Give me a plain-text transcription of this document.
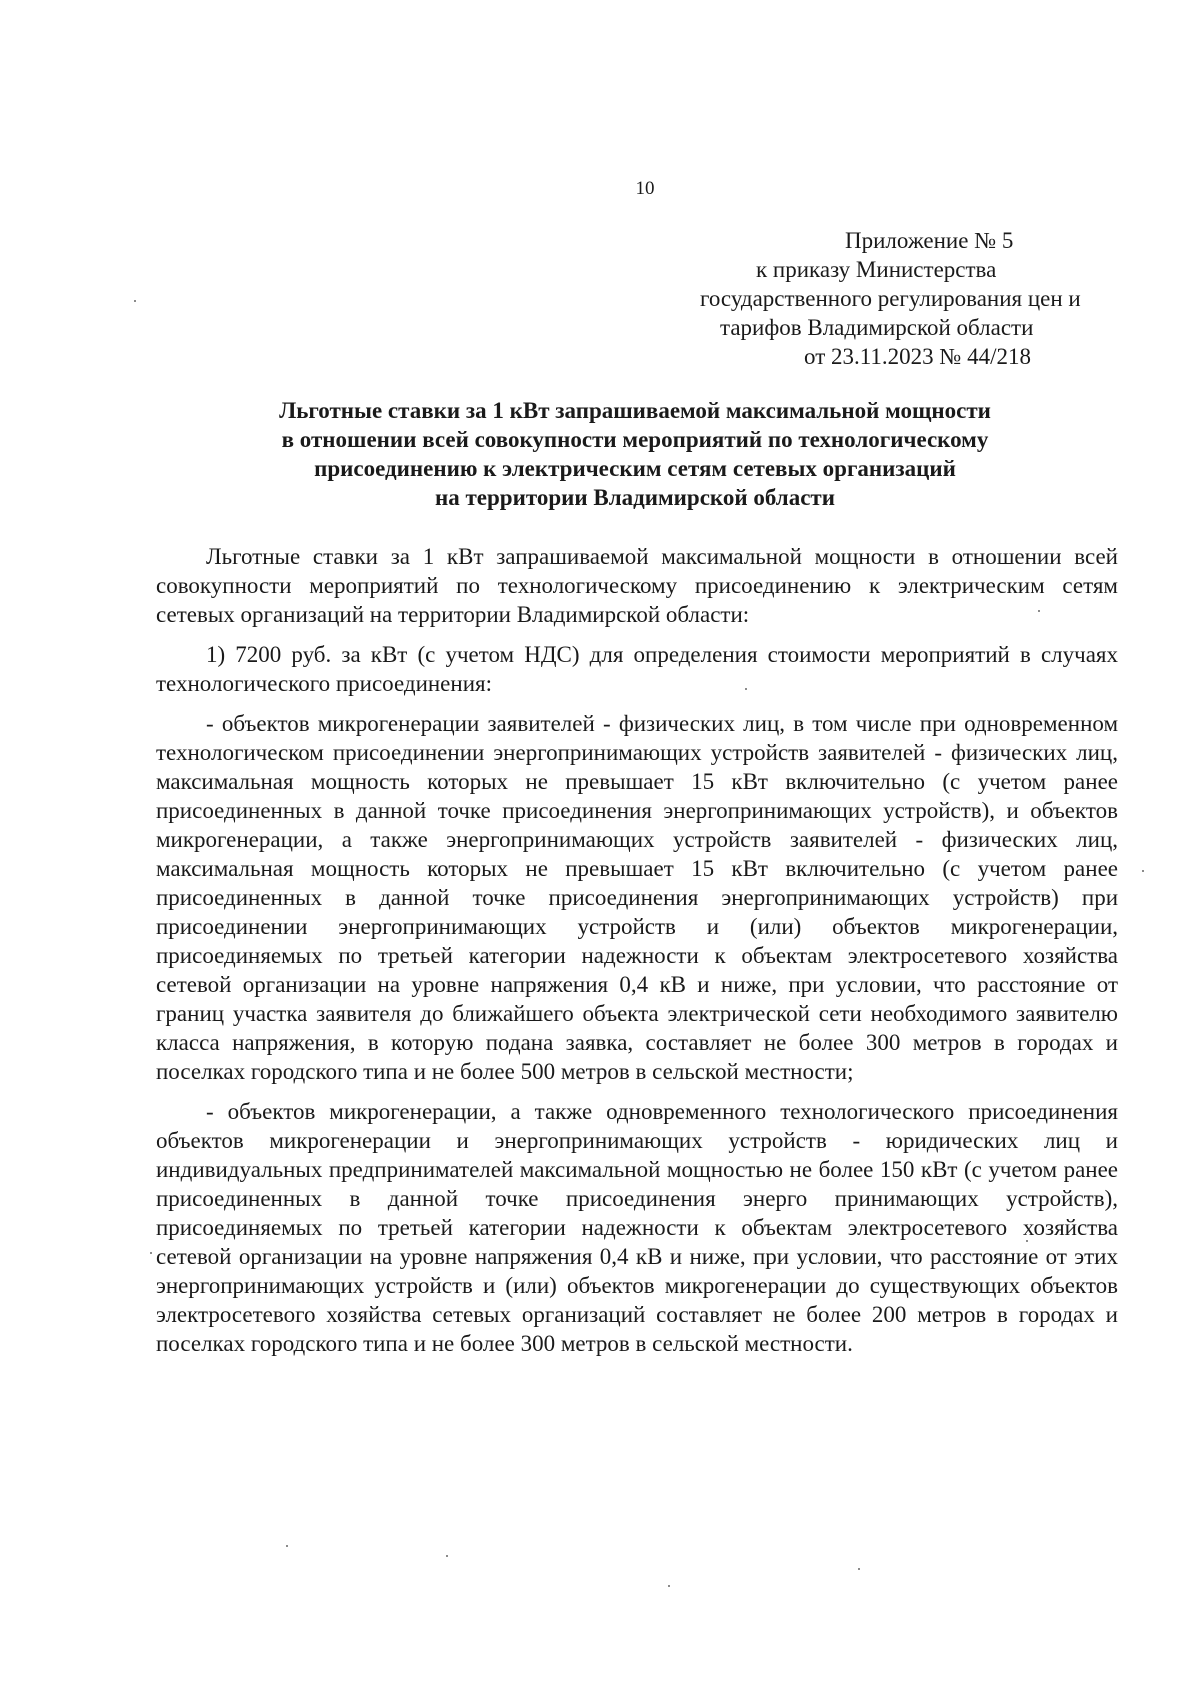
10
Приложение № 5
к приказу Министерства
государственного регулирования цен и
тарифов Владимирской области
от 23.11.2023 № 44/218
Льготные ставки за 1 кВт запрашиваемой максимальной мощности
в отношении всей совокупности мероприятий по технологическому
присоединению к электрическим сетям сетевых организаций
на территории Владимирской области

Льготные ставки за 1 кВт запрашиваемой максимальной мощности в отношении всей совокупности мероприятий по технологическому присоединению к электрическим сетям сетевых организаций на территории Владимирской области:

1) 7200 руб. за кВт (с учетом НДС) для определения стоимости мероприятий в случаях технологического присоединения:

- объектов микрогенерации заявителей - физических лиц, в том числе при одновременном технологическом присоединении энергопринимающих устройств заявителей - физических лиц, максимальная мощность которых не превышает 15 кВт включительно (с учетом ранее присоединенных в данной точке присоединения энергопринимающих устройств), и объектов микрогенерации, а также энергопринимающих устройств заявителей - физических лиц, максимальная мощность которых не превышает 15 кВт включительно (с учетом ранее присоединенных в данной точке присоединения энергопринимающих устройств) при присоединении энергопринимающих устройств и (или) объектов микрогенерации, присоединяемых по третьей категории надежности к объектам электросетевого хозяйства сетевой организации на уровне напряжения 0,4 кВ и ниже, при условии, что расстояние от границ участка заявителя до ближайшего объекта электрической сети необходимого заявителю класса напряжения, в которую подана заявка, составляет не более 300 метров в городах и поселках городского типа и не более 500 метров в сельской местности;

- объектов микрогенерации, а также одновременного технологического присоединения объектов микрогенерации и энергопринимающих устройств - юридических лиц и индивидуальных предпринимателей максимальной мощностью не более 150 кВт (с учетом ранее присоединенных в данной точке присоединения энерго принимающих устройств), присоединяемых по третьей категории надежности к объектам электросетевого хозяйства сетевой организации на уровне напряжения 0,4 кВ и ниже, при условии, что расстояние от этих энергопринимающих устройств и (или) объектов микрогенерации до существующих объектов электросетевого хозяйства сетевых организаций составляет не более 200 метров в городах и поселках городского типа и не более 300 метров в сельской местности.
